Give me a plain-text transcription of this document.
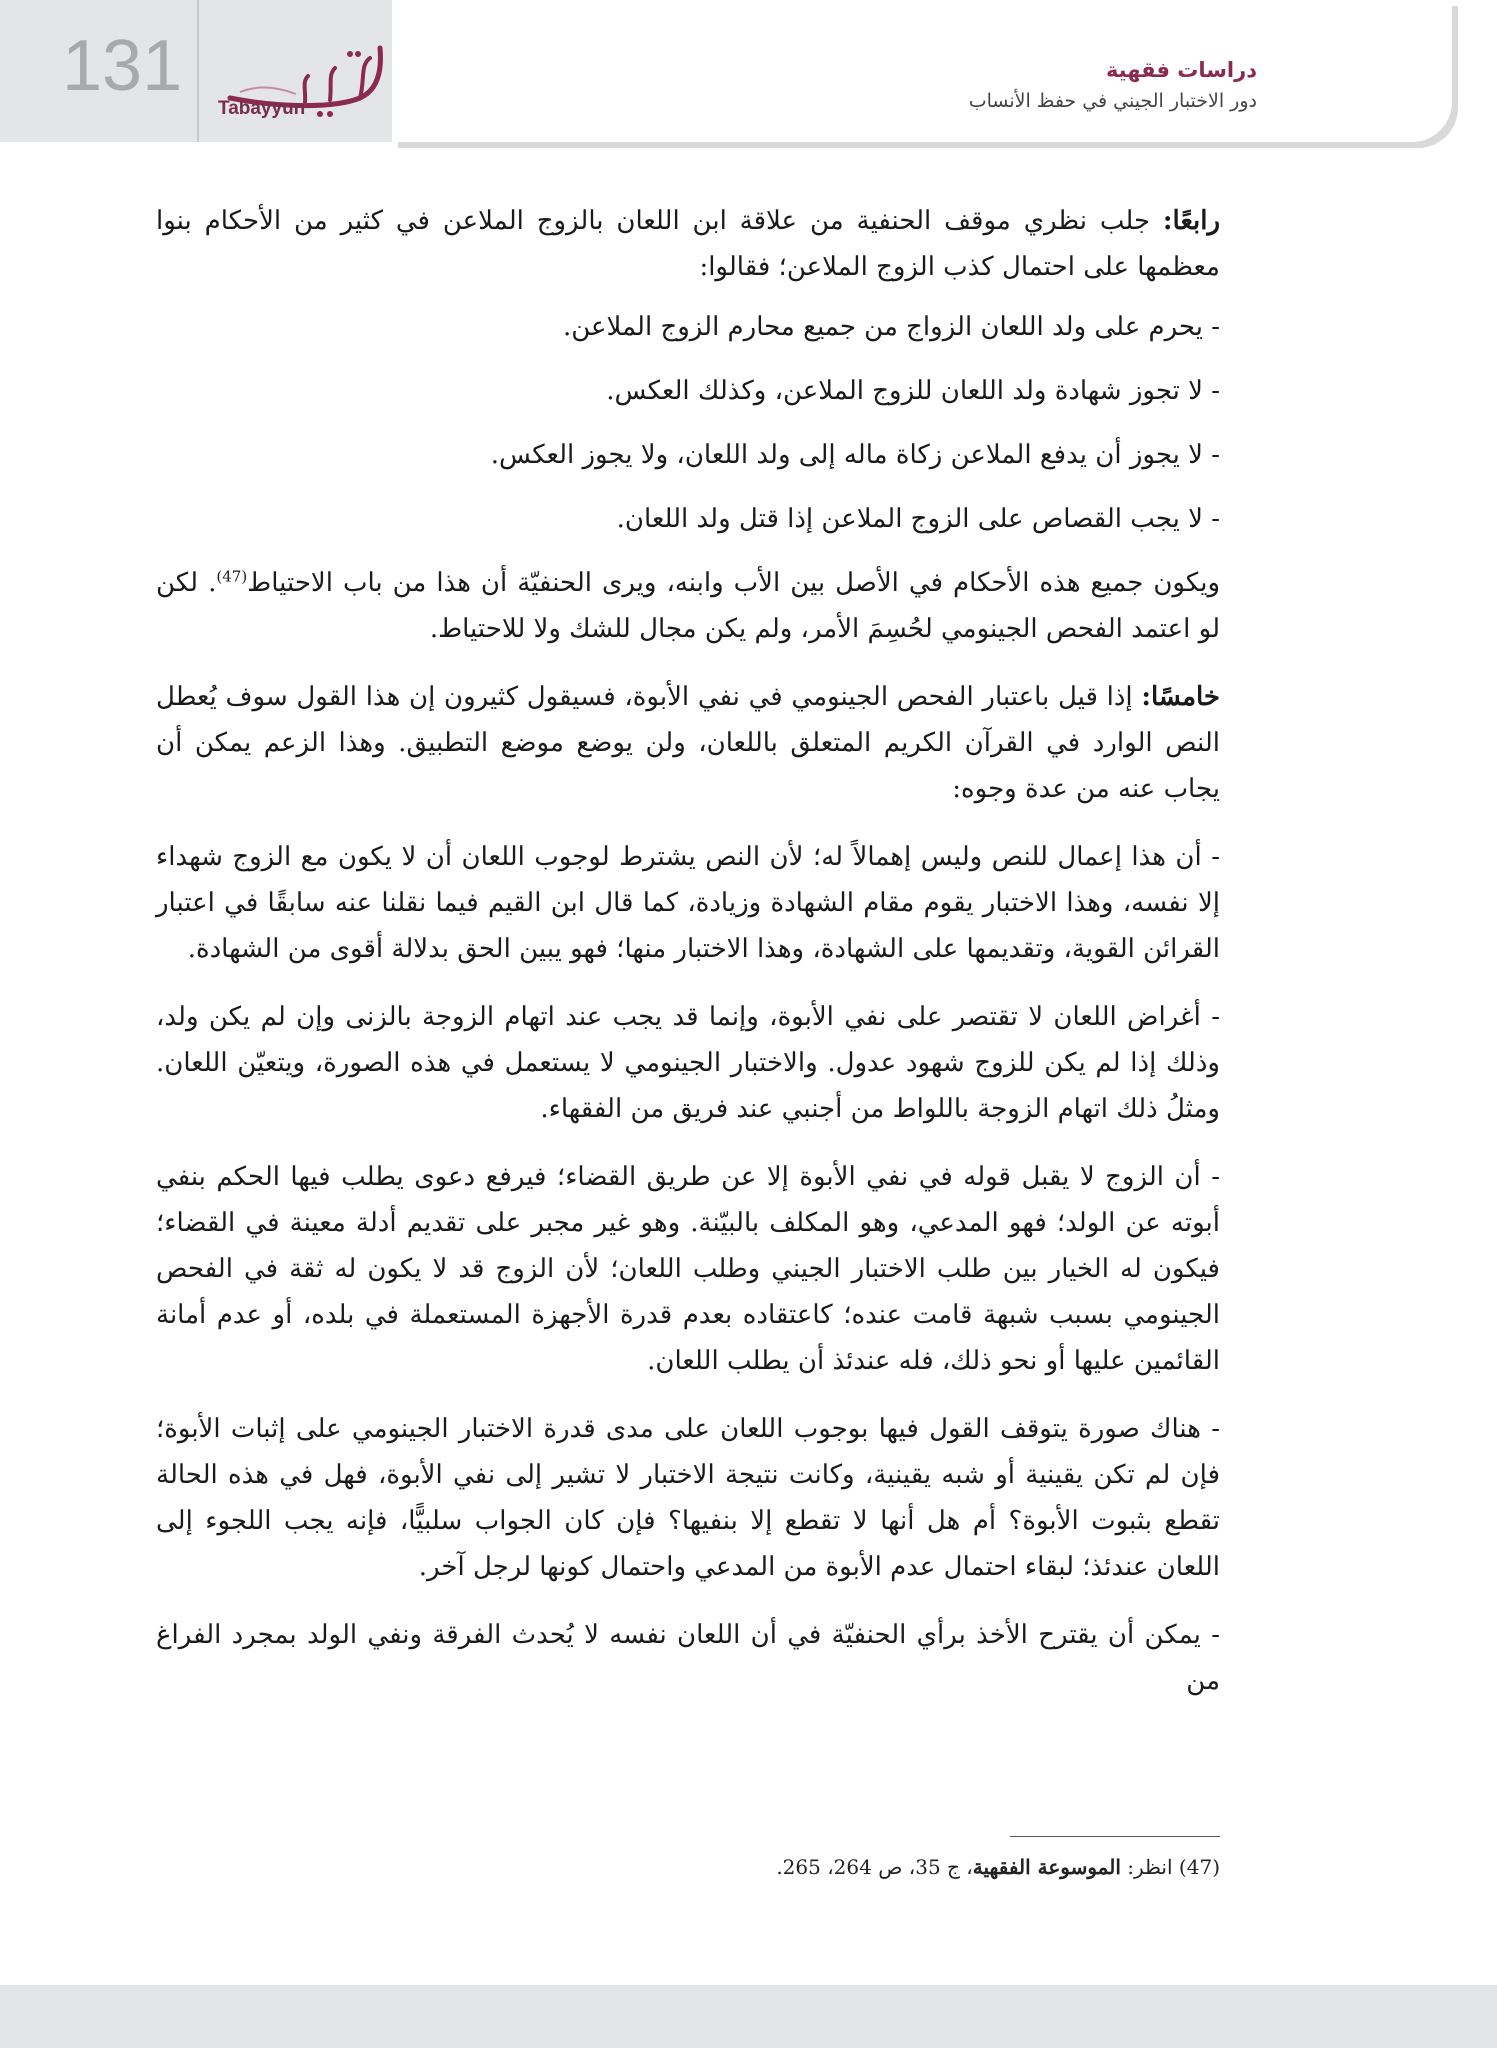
131
Tabayyun
دراسات فقهية
دور الاختبار الجيني في حفظ الأنساب

رابعًا: جلب نظري موقف الحنفية من علاقة ابن اللعان بالزوج الملاعن في كثير من الأحكام بنوا معظمها على احتمال كذب الزوج الملاعن؛ فقالوا:

- يحرم على ولد اللعان الزواج من جميع محارم الزوج الملاعن.

- لا تجوز شهادة ولد اللعان للزوج الملاعن، وكذلك العكس.

- لا يجوز أن يدفع الملاعن زكاة ماله إلى ولد اللعان، ولا يجوز العكس.

- لا يجب القصاص على الزوج الملاعن إذا قتل ولد اللعان.

ويكون جميع هذه الأحكام في الأصل بين الأب وابنه، ويرى الحنفيّة أن هذا من باب الاحتياط$^{(47)}$. لكن لو اعتمد الفحص الجينومي لحُسِمَ الأمر، ولم يكن مجال للشك ولا للاحتياط.

خامسًا: إذا قيل باعتبار الفحص الجينومي في نفي الأبوة، فسيقول كثيرون إن هذا القول سوف يُعطل النص الوارد في القرآن الكريم المتعلق باللعان، ولن يوضع موضع التطبيق. وهذا الزعم يمكن أن يجاب عنه من عدة وجوه:

- أن هذا إعمال للنص وليس إهمالاً له؛ لأن النص يشترط لوجوب اللعان أن لا يكون مع الزوج شهداء إلا نفسه، وهذا الاختبار يقوم مقام الشهادة وزيادة، كما قال ابن القيم فيما نقلنا عنه سابقًا في اعتبار القرائن القوية، وتقديمها على الشهادة، وهذا الاختبار منها؛ فهو يبين الحق بدلالة أقوى من الشهادة.

- أغراض اللعان لا تقتصر على نفي الأبوة، وإنما قد يجب عند اتهام الزوجة بالزنى وإن لم يكن ولد، وذلك إذا لم يكن للزوج شهود عدول. والاختبار الجينومي لا يستعمل في هذه الصورة، ويتعيّن اللعان. ومثلُ ذلك اتهام الزوجة باللواط من أجنبي عند فريق من الفقهاء.

- أن الزوج لا يقبل قوله في نفي الأبوة إلا عن طريق القضاء؛ فيرفع دعوى يطلب فيها الحكم بنفي أبوته عن الولد؛ فهو المدعي، وهو المكلف بالبيّنة. وهو غير مجبر على تقديم أدلة معينة في القضاء؛ فيكون له الخيار بين طلب الاختبار الجيني وطلب اللعان؛ لأن الزوج قد لا يكون له ثقة في الفحص الجينومي بسبب شبهة قامت عنده؛ كاعتقاده بعدم قدرة الأجهزة المستعملة في بلده، أو عدم أمانة القائمين عليها أو نحو ذلك، فله عندئذ أن يطلب اللعان.

- هناك صورة يتوقف القول فيها بوجوب اللعان على مدى قدرة الاختبار الجينومي على إثبات الأبوة؛ فإن لم تكن يقينية أو شبه يقينية، وكانت نتيجة الاختبار لا تشير إلى نفي الأبوة، فهل في هذه الحالة تقطع بثبوت الأبوة؟ أم هل أنها لا تقطع إلا بنفيها؟ فإن كان الجواب سلبيًّا، فإنه يجب اللجوء إلى اللعان عندئذ؛ لبقاء احتمال عدم الأبوة من المدعي واحتمال كونها لرجل آخر.

- يمكن أن يقترح الأخذ برأي الحنفيّة في أن اللعان نفسه لا يُحدث الفرقة ونفي الولد بمجرد الفراغ من

(47) انظر: الموسوعة الفقهية، ج 35، ص 264، 265.
